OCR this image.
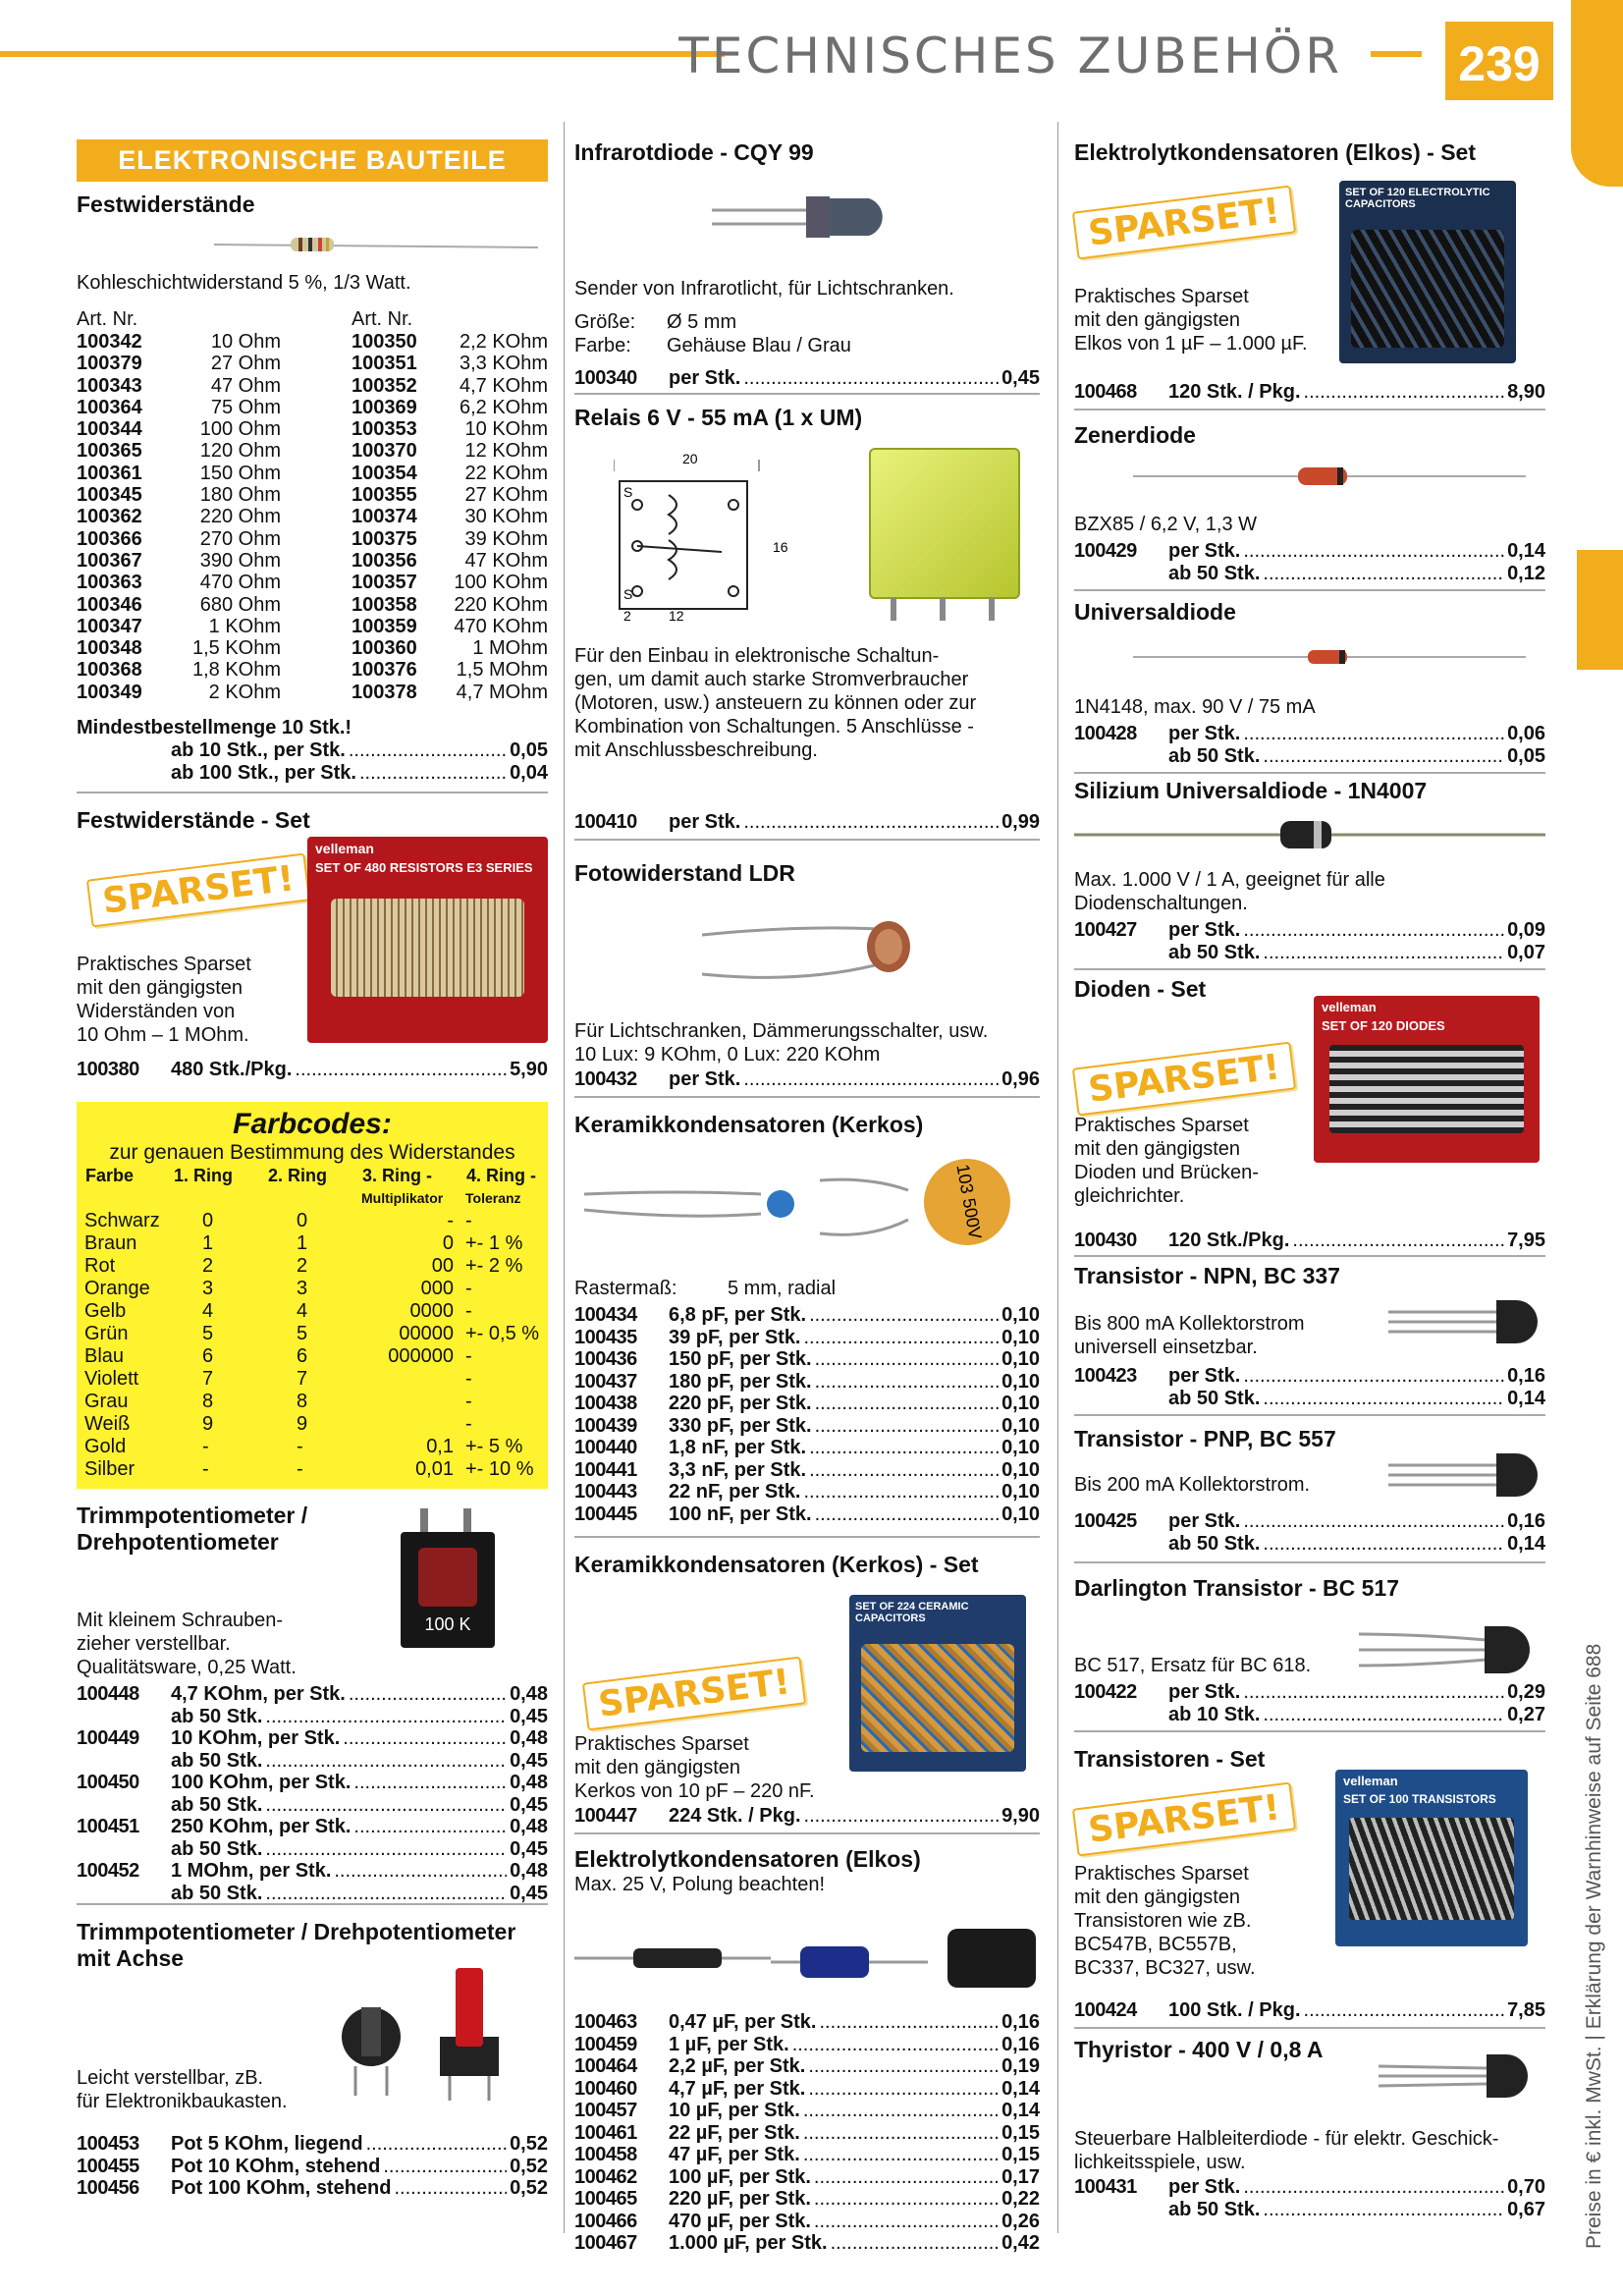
TECHNISCHES ZUBEHÖR 239
Preise in € inkl. MwSt. | Erklärung der Warnhinweise auf Seite 688
ELEKTRONISCHE BAUTEILE

Festwiderstände

Kohleschichtwiderstand 5 %, 1/3 Watt.
Art. Nr.	Art. Nr.
100342	10 Ohm
100379	27 Ohm
100343	47 Ohm
100364	75 Ohm
100344	100 Ohm
100365	120 Ohm
100361	150 Ohm
100345	180 Ohm
100362	220 Ohm
100366	270 Ohm
100367	390 Ohm
100363	470 Ohm
100346	680 Ohm
100347	1 KOhm
100348	1,5 KOhm
100368	1,8 KOhm
100349	2 KOhm
100350	2,2 KOhm
100351	3,3 KOhm
100352	4,7 KOhm
100369	6,2 KOhm
100353	10 KOhm
100370	12 KOhm
100354	22 KOhm
100355	27 KOhm
100374	30 KOhm
100375	39 KOhm
100356	47 KOhm
100357	100 KOhm
100358	220 KOhm
100359	470 KOhm
100360	1 MOhm
100376	1,5 MOhm
100378	4,7 MOhm
Mindestbestellmenge 10 Stk.!
ab 10 Stk., per Stk. .....	0,05
ab 100 Stk., per Stk. .....	0,04

Festwiderstände - Set

SPARSET!
velleman
SET OF 480 RESISTORS E3 SERIES
Praktisches Sparset
mit den gängigsten
Widerständen von
10 Ohm – 1 MOhm.
100380	480 Stk./Pkg. .....	5,90
Farbcodes:
zur genauen Bestimmung des Widerstandes
Farbe	1. Ring	2. Ring	3. Ring -	4. Ring -
			Multiplikator	Toleranz
Schwarz	0	0	-	-
Braun	1	1	0	+- 1 %
Rot	2	2	00	+- 2 %
Orange	3	3	000	-
Gelb	4	4	0000	-
Grün	5	5	00000	+- 0,5 %
Blau	6	6	000000	-
Violett	7	7		-
Grau	8	8		-
Weiß	9	9		-
Gold	-	-	0,1	+- 5 %
Silber	-	-	0,01	+- 10 %

Trimmpotentiometer /

Drehpotentiometer

100 K
Mit kleinem Schrauben-
zieher verstellbar.
Qualitätsware, 0,25 Watt.
100448	4,7 KOhm, per Stk. .....	0,48
ab 50 Stk. .....	0,45
100449	10 KOhm, per Stk. .....	0,48
ab 50 Stk. .....	0,45
100450	100 KOhm, per Stk. .....	0,48
ab 50 Stk. .....	0,45
100451	250 KOhm, per Stk. .....	0,48
ab 50 Stk. .....	0,45
100452	1 MOhm, per Stk. .....	0,48
ab 50 Stk. .....	0,45

Trimmpotentiometer / Drehpotentiometer

mit Achse

Leicht verstellbar, zB.
für Elektronikbaukasten.
100453	Pot 5 KOhm, liegend .....	0,52
100455	Pot 10 KOhm, stehend .....	0,52
100456	Pot 100 KOhm, stehend .....	0,52

Infrarotdiode - CQY 99

Sender von Infrarotlicht, für Lichtschranken.
Größe:	Ø 5 mm
Farbe:	Gehäuse Blau / Grau
100340	per Stk. .....	0,45

Relais 6 V - 55 mA (1 x UM)

20
16
S
S
2	12
Für den Einbau in elektronische Schaltun-
gen, um damit auch starke Stromverbraucher
(Motoren, usw.) ansteuern zu können oder zur
Kombination von Schaltungen. 5 Anschlüsse -
mit Anschlussbeschreibung.
100410	per Stk. .....	0,99

Fotowiderstand LDR

Für Lichtschranken, Dämmerungsschalter, usw.
10 Lux: 9 KOhm, 0 Lux: 220 KOhm
100432	per Stk. .....	0,96

Keramikkondensatoren (Kerkos)

103 500V
Rastermaß:	5 mm, radial
100434	6,8 pF, per Stk. .....	0,10
100435	39 pF, per Stk. .....	0,10
100436	150 pF, per Stk. .....	0,10
100437	180 pF, per Stk. .....	0,10
100438	220 pF, per Stk. .....	0,10
100439	330 pF, per Stk. .....	0,10
100440	1,8 nF, per Stk. .....	0,10
100441	3,3 nF, per Stk. .....	0,10
100443	22 nF, per Stk. .....	0,10
100445	100 nF, per Stk. .....	0,10

Keramikkondensatoren (Kerkos) - Set

SPARSET!
SET OF 224 CERAMIC CAPACITORS
Praktisches Sparset
mit den gängigsten
Kerkos von 10 pF – 220 nF.
100447	224 Stk. / Pkg. .....	9,90

Elektrolytkondensatoren (Elkos)

Max. 25 V, Polung beachten!
100463	0,47 µF, per Stk. .....	0,16
100459	1 µF, per Stk. .....	0,16
100464	2,2 µF, per Stk. .....	0,19
100460	4,7 µF, per Stk. .....	0,14
100457	10 µF, per Stk. .....	0,14
100461	22 µF, per Stk. .....	0,15
100458	47 µF, per Stk. .....	0,15
100462	100 µF, per Stk. .....	0,17
100465	220 µF, per Stk. .....	0,22
100466	470 µF, per Stk. .....	0,26
100467	1.000 µF, per Stk. .....	0,42

Elektrolytkondensatoren (Elkos) - Set

SPARSET!	SET OF 120 ELECTROLYTIC CAPACITORS
Praktisches Sparset
mit den gängigsten
Elkos von 1 µF – 1.000 µF.
100468	120 Stk. / Pkg. .....	8,90

Zenerdiode

BZX85 / 6,2 V, 1,3 W
100429	per Stk. .....	0,14
ab 50 Stk. .....	0,12

Universaldiode

1N4148, max. 90 V / 75 mA
100428	per Stk. .....	0,06
ab 50 Stk. .....	0,05

Silizium Universaldiode - 1N4007

Max. 1.000 V / 1 A, geeignet für alle
Diodenschaltungen.
100427	per Stk. .....	0,09
ab 50 Stk. .....	0,07

Dioden - Set

SPARSET!
velleman
SET OF 120 DIODES
Praktisches Sparset
mit den gängigsten
Dioden und Brücken-
gleichrichter.
100430	120 Stk./Pkg. .....	7,95

Transistor - NPN, BC 337

Bis 800 mA Kollektorstrom
universell einsetzbar.
100423	per Stk. .....	0,16
ab 50 Stk. .....	0,14

Transistor - PNP, BC 557

Bis 200 mA Kollektorstrom.
100425	per Stk. .....	0,16
ab 50 Stk. .....	0,14

Darlington Transistor - BC 517

BC 517, Ersatz für BC 618.
100422	per Stk. .....	0,29
ab 10 Stk. .....	0,27

Transistoren - Set

SPARSET!
velleman
SET OF 100 TRANSISTORS
Praktisches Sparset
mit den gängigsten
Transistoren wie zB.
BC547B, BC557B,
BC337, BC327, usw.
100424	100 Stk. / Pkg. .....	7,85

Thyristor - 400 V / 0,8 A

Steuerbare Halbleiterdiode - für elektr. Geschick-
lichkeitsspiele, usw.
100431	per Stk. .....	0,70
ab 50 Stk. .....	0,67
